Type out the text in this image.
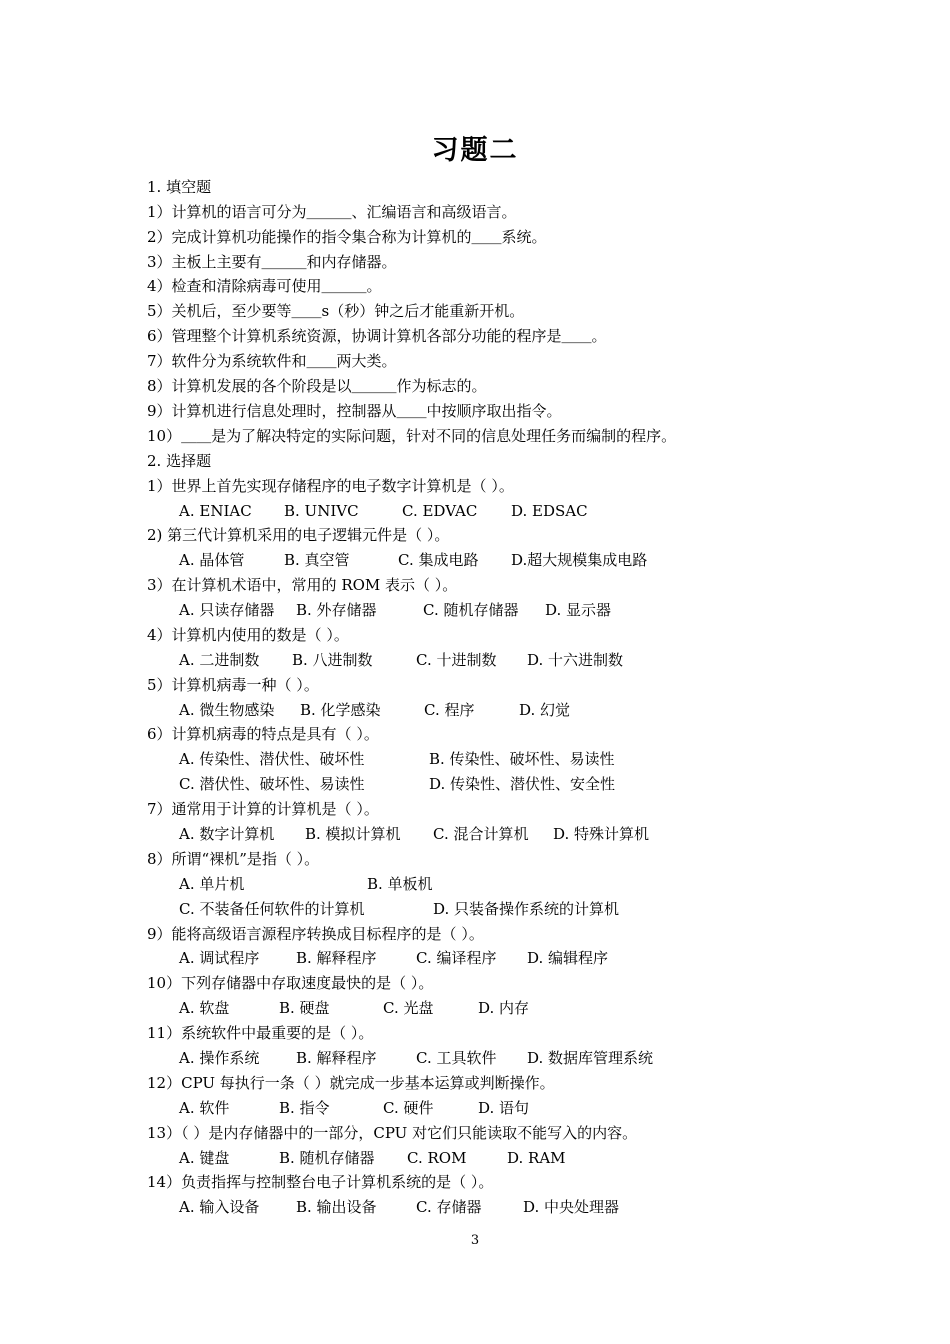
习题二
1. 填空题
1）计算机的语言可分为＿＿＿、汇编语言和高级语言。
2）完成计算机功能操作的指令集合称为计算机的＿＿系统。
3）主板上主要有＿＿＿和内存储器。
4）检查和清除病毒可使用＿＿＿。
5）关机后，至少要等＿＿s（秒）钟之后才能重新开机。
6）管理整个计算机系统资源，协调计算机各部分功能的程序是＿＿。
7）软件分为系统软件和＿＿两大类。
8）计算机发展的各个阶段是以＿＿＿作为标志的。
9）计算机进行信息处理时，控制器从＿＿中按顺序取出指令。
10）＿＿是为了解决特定的实际问题，针对不同的信息处理任务而编制的程序。
2. 选择题
1）世界上首先实现存储程序的电子数字计算机是（ ）。
A. ENIAC B. UNIVC	C. EDVAC D. EDSAC
2) 第三代计算机采用的电子逻辑元件是（ ）。
A. 晶体管	B. 真空管	C. 集成电路 D.超大规模集成电路
3）在计算机术语中，常用的 ROM 表示（ ）。
A. 只读存储器 B. 外存储器	C. 随机存储器 D. 显示器
4）计算机内使用的数是（ ）。
A. 二进制数 B. 八进制数	C. 十进制数 D. 十六进制数
5）计算机病毒一种（ ）。
A. 微生物感染 B. 化学感染	C. 程序	D. 幻觉
6）计算机病毒的特点是具有（ ）。
A. 传染性、潜伏性、破坏性	B. 传染性、破坏性、易读性
C. 潜伏性、破坏性、易读性	D. 传染性、潜伏性、安全性
7）通常用于计算的计算机是（ ）。
A. 数字计算机 B. 模拟计算机 C. 混合计算机 D. 特殊计算机
8）所谓“裸机”是指（ ）。
A. 单片机	B. 单板机
C. 不装备任何软件的计算机	D. 只装备操作系统的计算机
9）能将高级语言源程序转换成目标程序的是（ ）。
A. 调试程序 B. 解释程序	C. 编译程序 D. 编辑程序
10）下列存储器中存取速度最快的是（ ）。
A. 软盘	B. 硬盘	C. 光盘	D. 内存
11）系统软件中最重要的是（ ）。
A. 操作系统 B. 解释程序	C. 工具软件 D. 数据库管理系统
12）CPU 每执行一条（ ）就完成一步基本运算或判断操作。
A. 软件	B. 指令	C. 硬件	D. 语句
13）（ ）是内存储器中的一部分，CPU 对它们只能读取不能写入的内容。
A. 键盘	B. 随机存储器 C. ROM	D. RAM
14）负责指挥与控制整台电子计算机系统的是（ ）。
A. 输入设备 B. 输出设备	C. 存储器	D. 中央处理器
3
